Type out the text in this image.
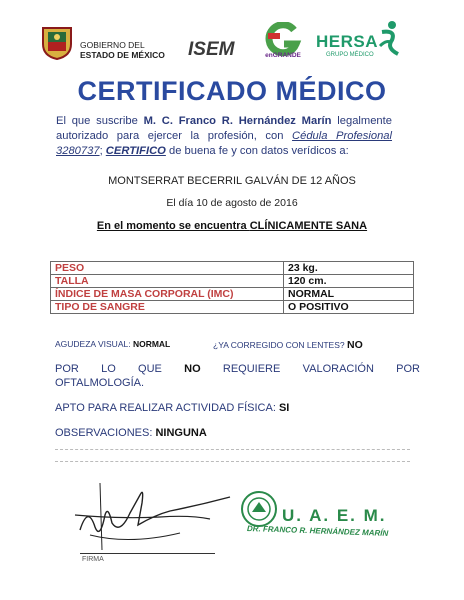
GOBIERNO DEL
ESTADO DE MÉXICO ISEM	enGRANDE
HERSA
GRUPO MÉDICO
CERTIFICADO MÉDICO
El que suscribe M. C. Franco R. Hernández Marín legalmente autorizado para ejercer la profesión, con Cédula Profesional 3280737; CERTIFICO de buena fe y con datos verídicos a:
MONTSERRAT BECERRIL GALVÁN DE 12 AÑOS
El día 10 de agosto de 2016
En el momento se encuentra CLÍNICAMENTE SANA
PESO	23 kg.
TALLA	120 cm.
ÍNDICE DE MASA CORPORAL (IMC)	NORMAL
TIPO DE SANGRE	O POSITIVO
AGUDEZA VISUAL: NORMAL	¿YA CORREGIDO CON LENTES? NO
POR LO QUE NO REQUIERE VALORACIÓN POR
OFTALMOLOGÍA.
APTO PARA REALIZAR ACTIVIDAD FÍSICA: SI
OBSERVACIONES: NINGUNA
FIRMA
U. A. E. M.
DR. FRANCO R. HERNÁNDEZ MARÍN
